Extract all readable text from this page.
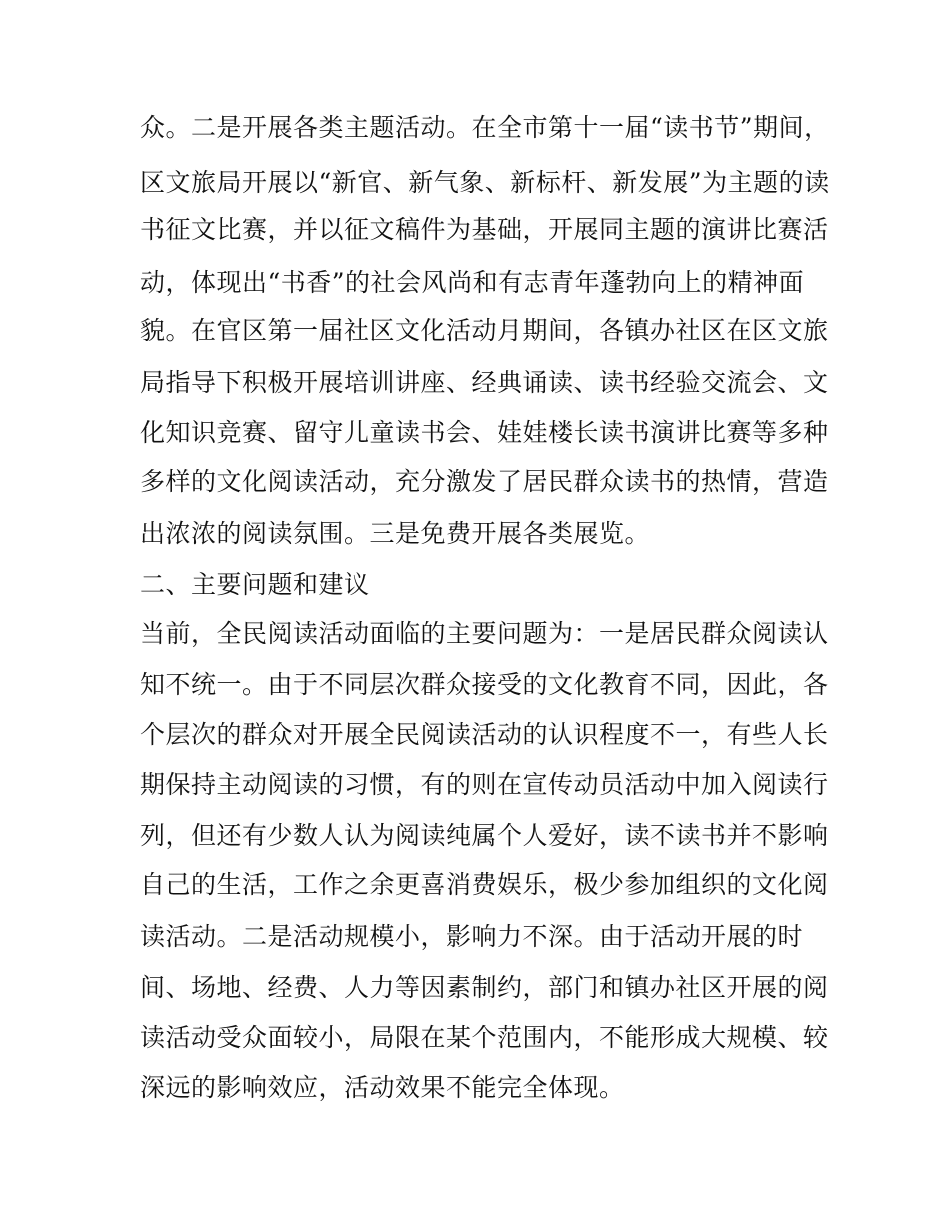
众。二是开展各类主题活动。在全市第十一届“读书节”期间，
区文旅局开展以“新官、新气象、新标杆、新发展”为主题的读
书征文比赛，并以征文稿件为基础，开展同主题的演讲比赛活
动，体现出“书香”的社会风尚和有志青年蓬勃向上的精神面
貌。在官区第一届社区文化活动月期间，各镇办社区在区文旅
局指导下积极开展培训讲座、经典诵读、读书经验交流会、文
化知识竞赛、留守儿童读书会、娃娃楼长读书演讲比赛等多种
多样的文化阅读活动，充分激发了居民群众读书的热情，营造
出浓浓的阅读氛围。三是免费开展各类展览。
二、主要问题和建议
当前，全民阅读活动面临的主要问题为：一是居民群众阅读认
知不统一。由于不同层次群众接受的文化教育不同，因此，各
个层次的群众对开展全民阅读活动的认识程度不一，有些人长
期保持主动阅读的习惯，有的则在宣传动员活动中加入阅读行
列，但还有少数人认为阅读纯属个人爱好，读不读书并不影响
自己的生活，工作之余更喜消费娱乐，极少参加组织的文化阅
读活动。二是活动规模小，影响力不深。由于活动开展的时
间、场地、经费、人力等因素制约，部门和镇办社区开展的阅
读活动受众面较小，局限在某个范围内，不能形成大规模、较
深远的影响效应，活动效果不能完全体现。
